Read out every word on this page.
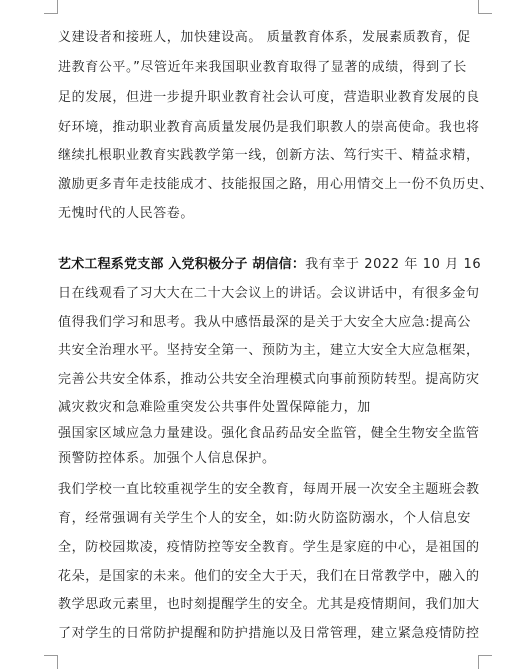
义建设者和接班人，加快建设高。 质量教育体系，发展素质教育，促
进教育公平。”尽管近年来我国职业教育取得了显著的成绩，得到了长
足的发展，但进一步提升职业教育社会认可度，营造职业教育发展的良
好环境，推动职业教育高质量发展仍是我们职教人的崇高使命。我也将
继续扎根职业教育实践教学第一线，创新方法、笃行实干、精益求精，
激励更多青年走技能成才、技能报国之路，用心用情交上一份不负历史、
无愧时代的人民答卷。
艺术工程系党支部 入党积极分子 胡信信：我有幸于 2022 年 10 月 16
日在线观看了习大大在二十大会议上的讲话。会议讲话中，有很多金句
值得我们学习和思考。我从中感悟最深的是关于大安全大应急:提高公
共安全治理水平。坚持安全第一、预防为主，建立大安全大应急框架，
完善公共安全体系，推动公共安全治理模式向事前预防转型。提高防灾
减灾救灾和急难险重突发公共事件处置保障能力，加
强国家区域应急力量建设。强化食品药品安全监管，健全生物安全监管
预警防控体系。加强个人信息保护。
我们学校一直比较重视学生的安全教育，每周开展一次安全主题班会教
育，经常强调有关学生个人的安全，如:防火防盗防溺水，个人信息安
全，防校园欺凌，疫情防控等安全教育。学生是家庭的中心，是祖国的
花朵，是国家的未来。他们的安全大于天，我们在日常教学中，融入的
教学思政元素里，也时刻提醒学生的安全。尤其是疫情期间，我们加大
了对学生的日常防护提醒和防护措施以及日常管理，建立紧急疫情防控
